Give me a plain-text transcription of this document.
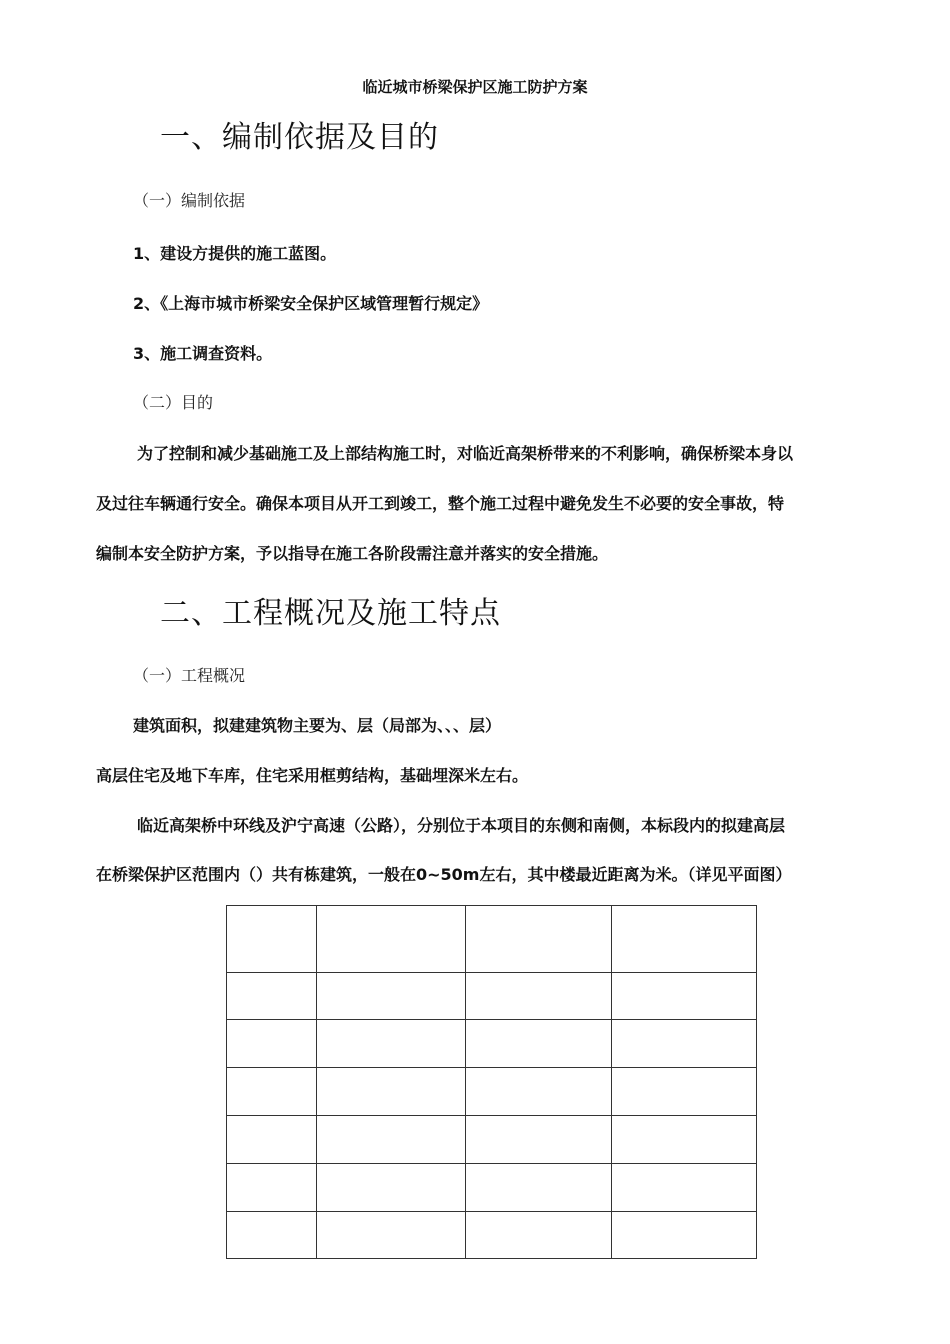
临近城市桥梁保护区施工防护方案
一、编制依据及目的
（一）编制依据
1、建设方提供的施工蓝图。
2、《上海市城市桥梁安全保护区域管理暂行规定》
3、施工调查资料。
（二）目的
为了控制和减少基础施工及上部结构施工时，对临近高架桥带来的不利影响，确保桥梁本身以
及过往车辆通行安全。确保本项目从开工到竣工，整个施工过程中避免发生不必要的安全事故，特
编制本安全防护方案，予以指导在施工各阶段需注意并落实的安全措施。
二、工程概况及施工特点
（一）工程概况
建筑面积，拟建建筑物主要为、层（局部为、、、层）
高层住宅及地下车库，住宅采用框剪结构，基础埋深米左右。
临近高架桥中环线及沪宁高速（公路），分别位于本项目的东侧和南侧，本标段内的拟建高层
在桥梁保护区范围内（）共有栋建筑，一般在0~50m左右，其中楼最近距离为米。（详见平面图）
